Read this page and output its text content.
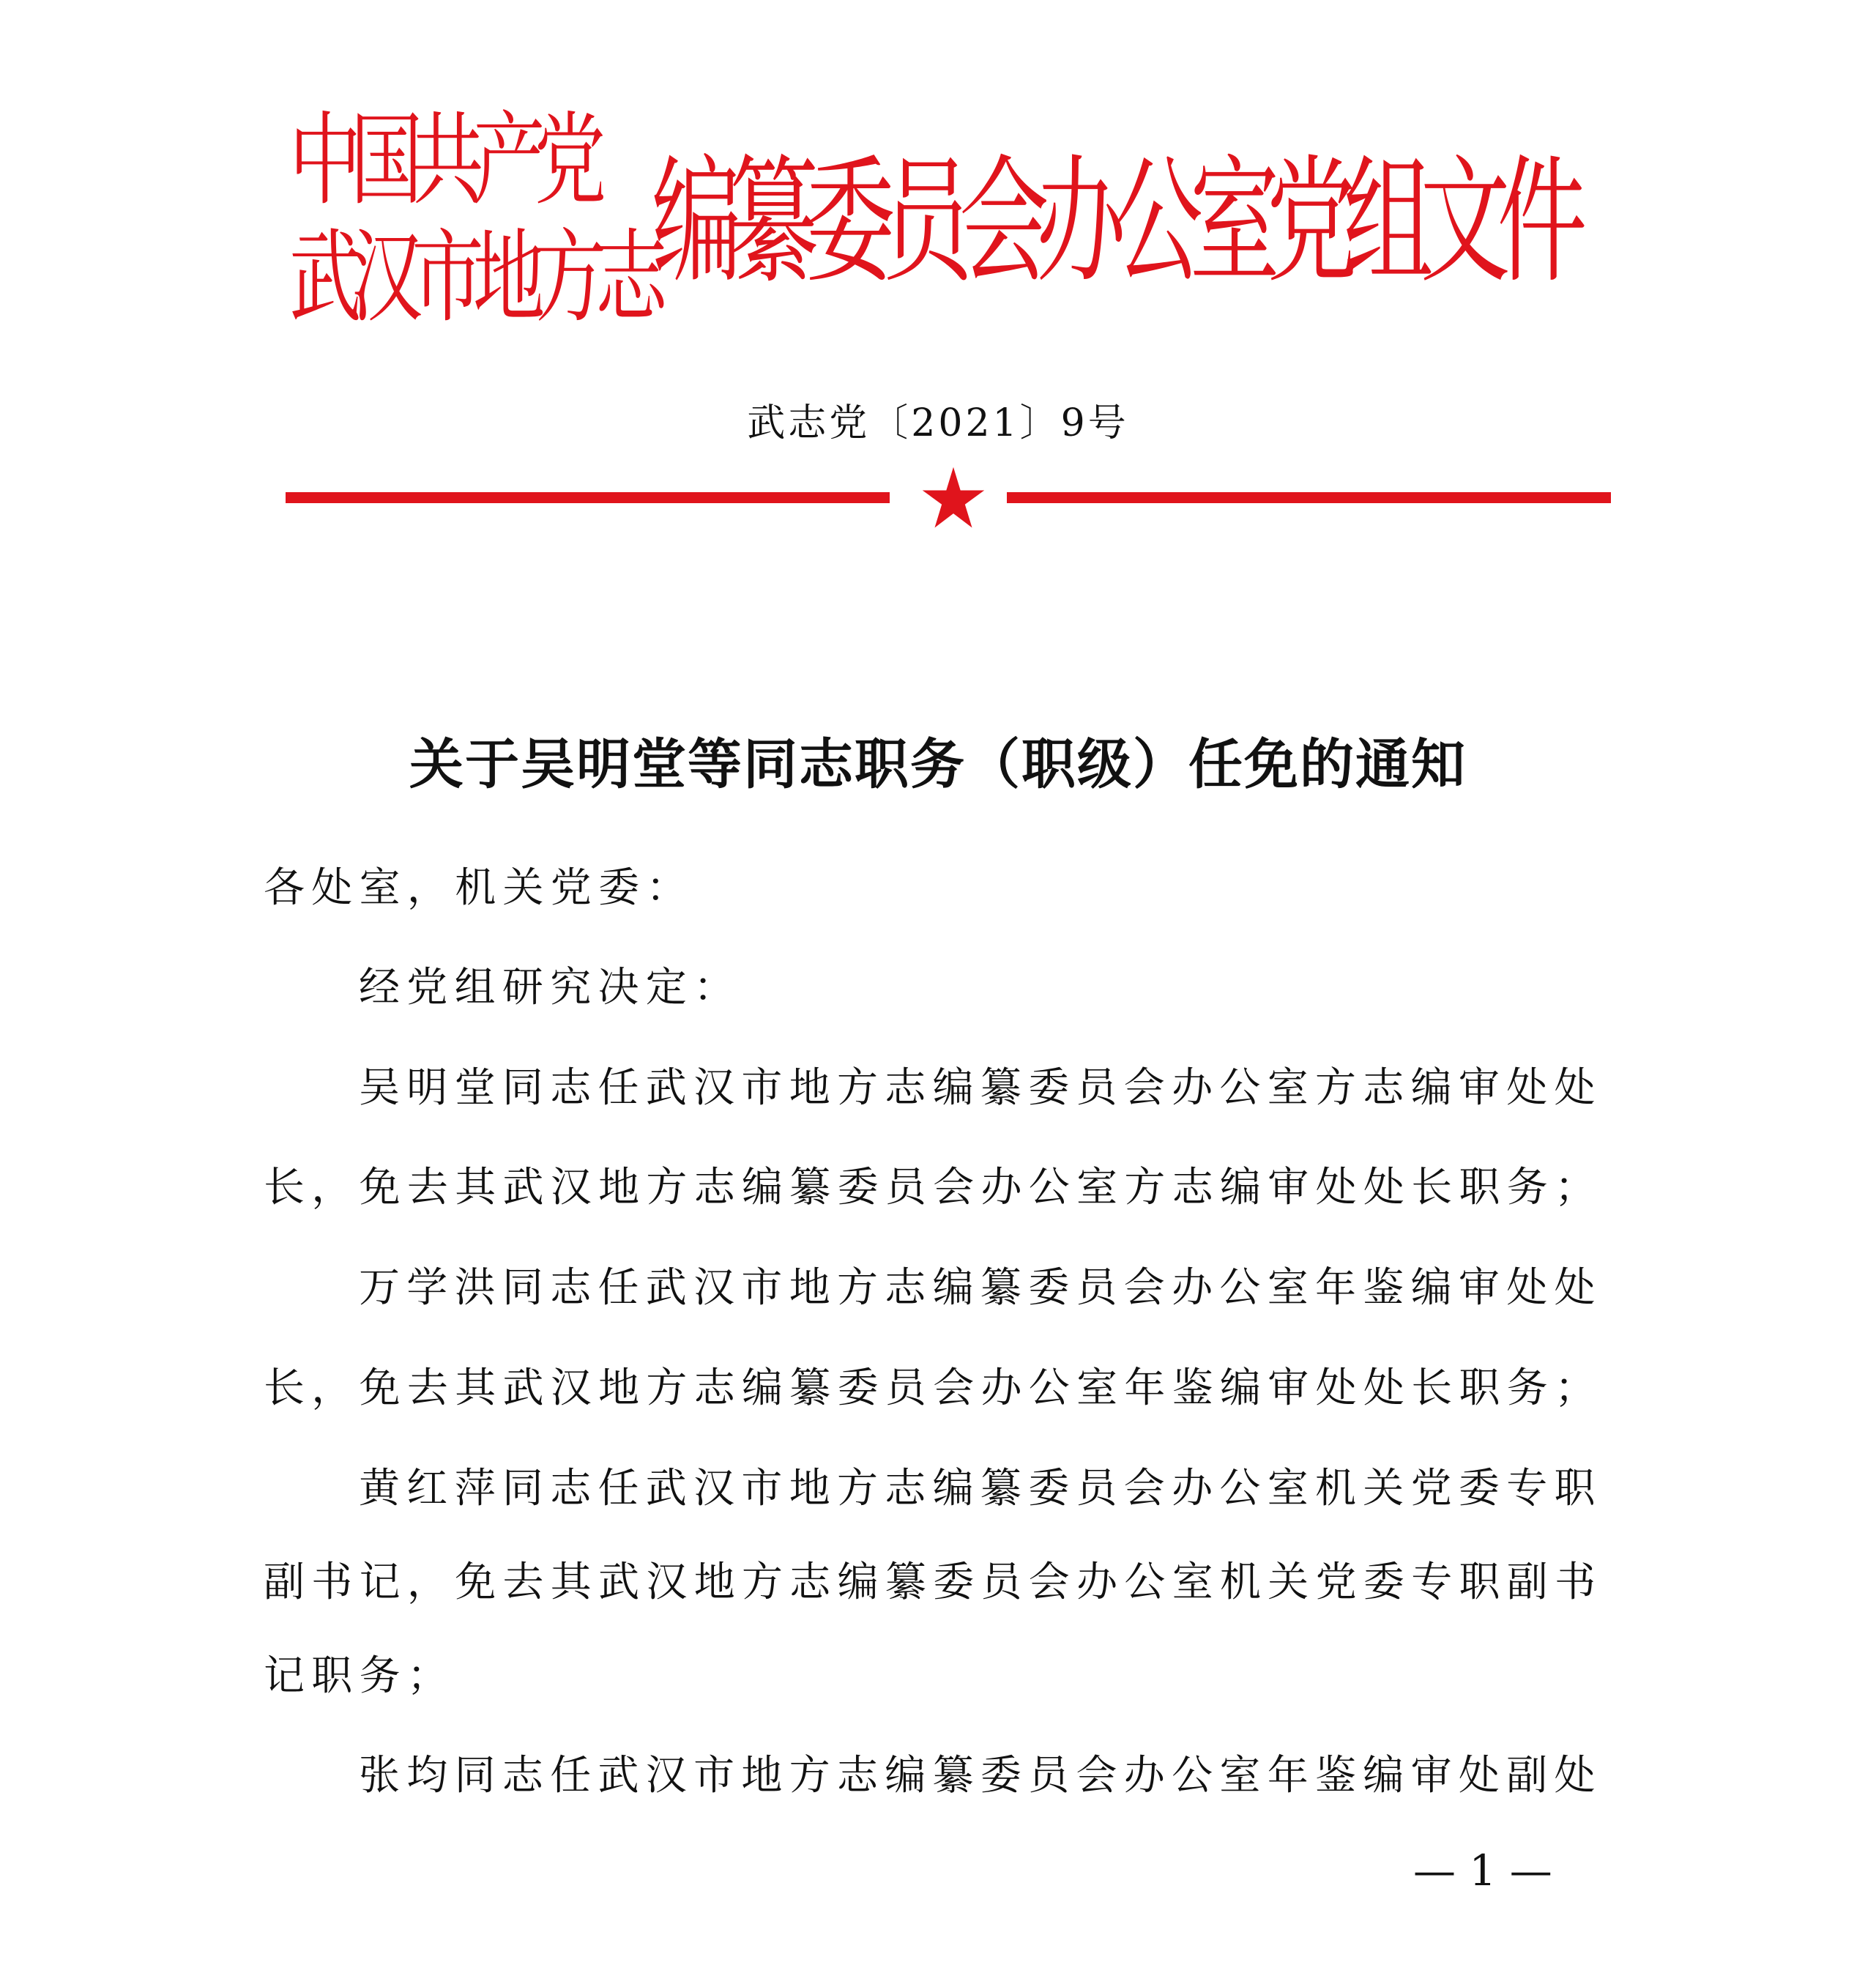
中国共产党
武汉市地方志
编纂委员会办公室党组文件
武志党〔2021〕9号
关于吴明堂等同志职务（职级）任免的通知
各处室，机关党委：
经党组研究决定：
吴明堂同志任武汉市地方志编纂委员会办公室方志编审处处
长，免去其武汉地方志编纂委员会办公室方志编审处处长职务；
万学洪同志任武汉市地方志编纂委员会办公室年鉴编审处处
长，免去其武汉地方志编纂委员会办公室年鉴编审处处长职务；
黄红萍同志任武汉市地方志编纂委员会办公室机关党委专职
副书记，免去其武汉地方志编纂委员会办公室机关党委专职副书
记职务；
张均同志任武汉市地方志编纂委员会办公室年鉴编审处副处
— 1 —
